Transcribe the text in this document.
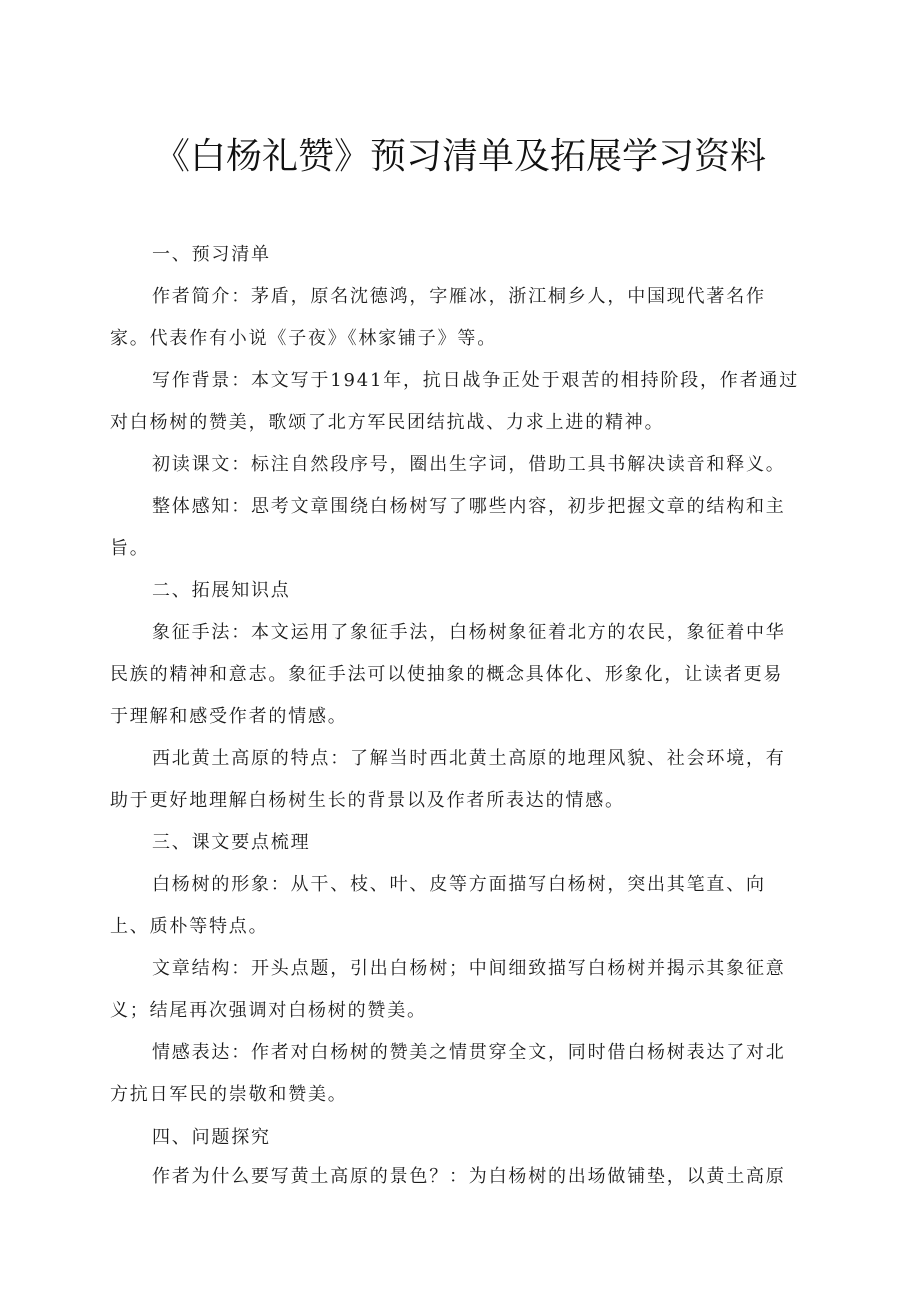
《白杨礼赞》预习清单及拓展学习资料

一、预习清单

作者简介：茅盾，原名沈德鸿，字雁冰，浙江桐乡人，中国现代著名作家。代表作有小说《子夜》《林家铺子》等。

写作背景：本文写于1941年，抗日战争正处于艰苦的相持阶段，作者通过对白杨树的赞美，歌颂了北方军民团结抗战、力求上进的精神。

初读课文：标注自然段序号，圈出生字词，借助工具书解决读音和释义。

整体感知：思考文章围绕白杨树写了哪些内容，初步把握文章的结构和主旨。

二、拓展知识点

象征手法：本文运用了象征手法，白杨树象征着北方的农民，象征着中华民族的精神和意志。象征手法可以使抽象的概念具体化、形象化，让读者更易于理解和感受作者的情感。

西北黄土高原的特点：了解当时西北黄土高原的地理风貌、社会环境，有助于更好地理解白杨树生长的背景以及作者所表达的情感。

三、课文要点梳理

白杨树的形象：从干、枝、叶、皮等方面描写白杨树，突出其笔直、向上、质朴等特点。

文章结构：开头点题，引出白杨树；中间细致描写白杨树并揭示其象征意义；结尾再次强调对白杨树的赞美。

情感表达：作者对白杨树的赞美之情贯穿全文，同时借白杨树表达了对北方抗日军民的崇敬和赞美。

四、问题探究

作者为什么要写黄土高原的景色？：为白杨树的出场做铺垫，以黄土高原
